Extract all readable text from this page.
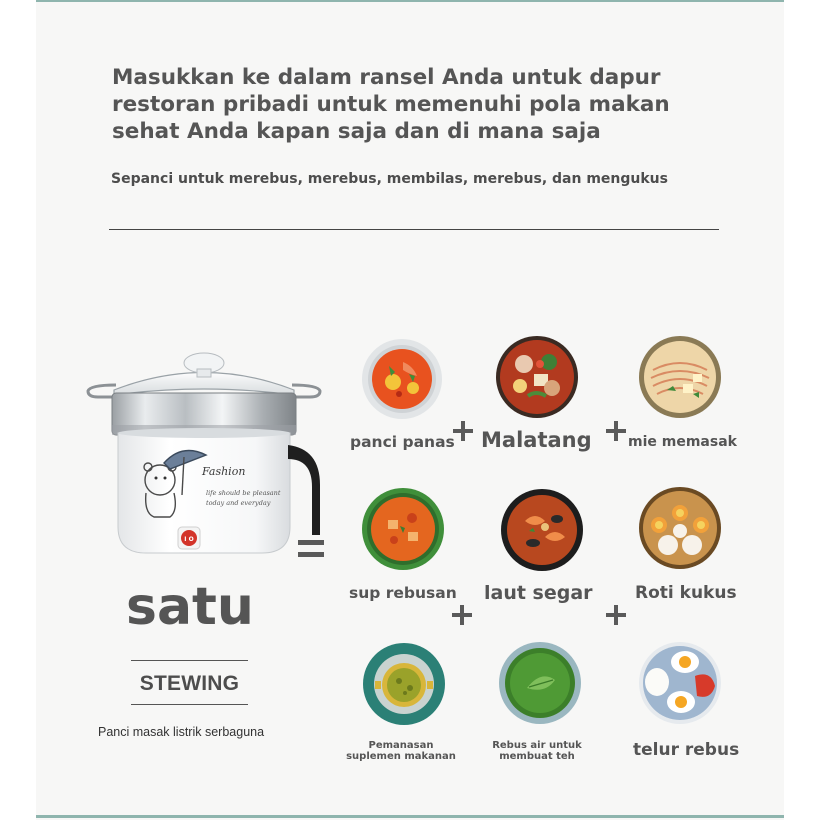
Masukkan ke dalam ransel Anda untuk dapur
restoran pribadi untuk memenuhi pola makan
sehat Anda kapan saja dan di mana saja

Sepanci untuk merebus, merebus, membilas, merebus, dan mengukus

Fashion
life should be pleasant
today and everyday
I O

satu

STEWING
Panci masak listrik serbaguna
panci panas Malatang	mie memasak
sup rebusan laut segar Roti kukus
Pemanasan
suplemen makanan
Rebus air untuk
membuat teh	telur rebus
